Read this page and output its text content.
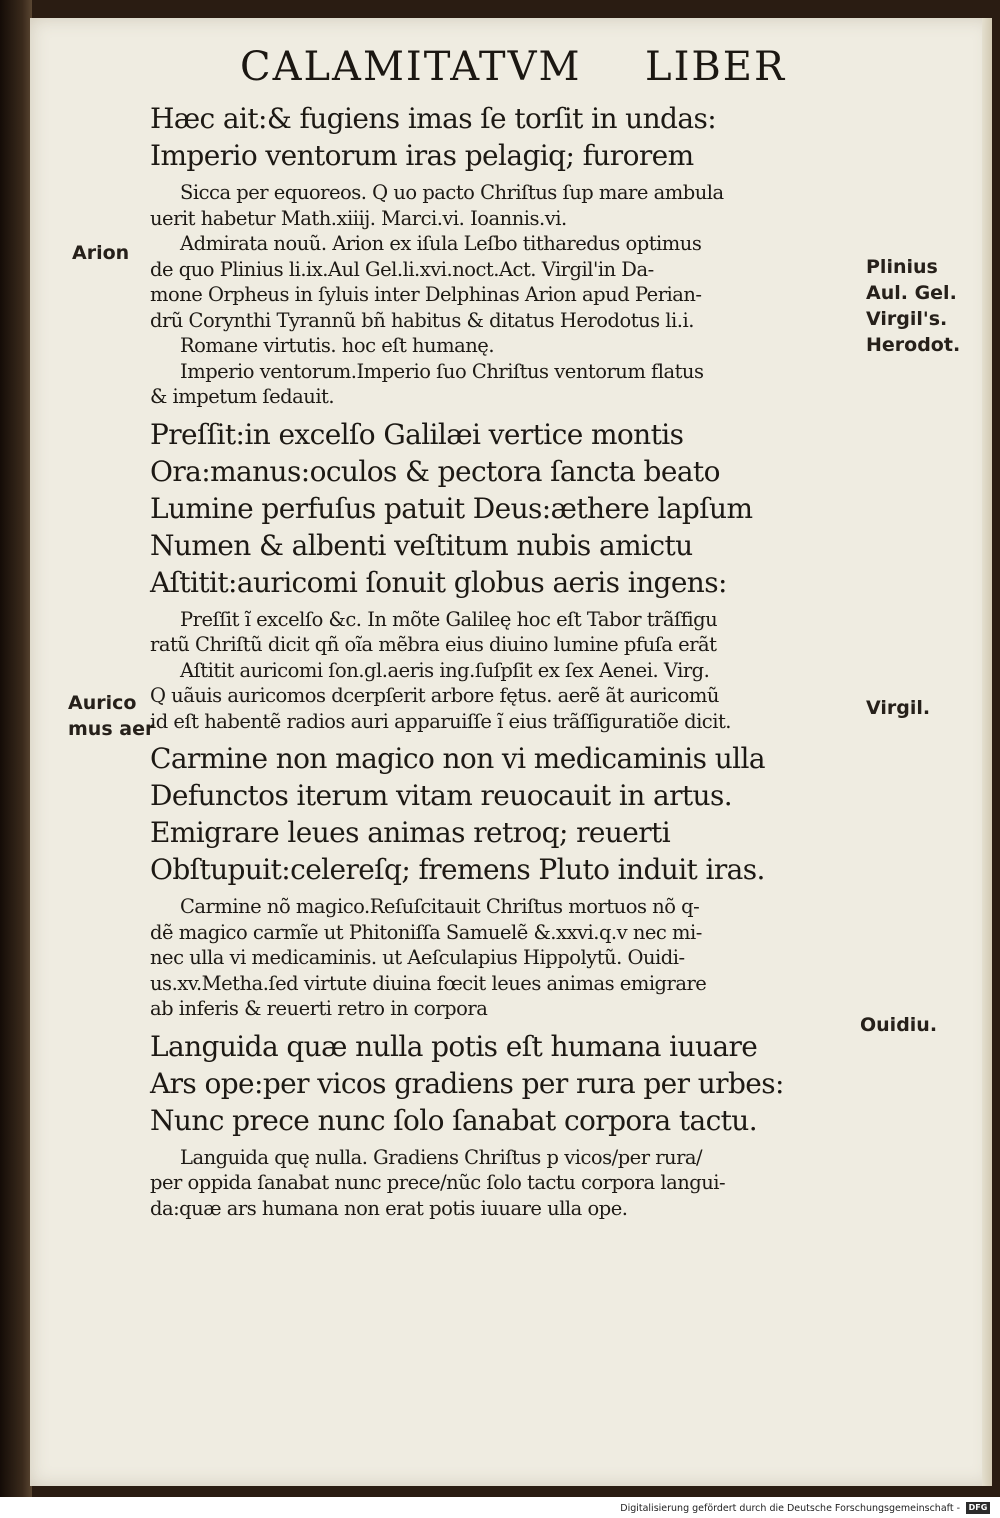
CALAMITATVM LIBER

Hæc ait:& fugiens imas ſe torſit in undas:

Imperio ventorum iras pelagiq; furorem

Sicca per equoreos. Q uo pacto Chriſtus ſup mare ambula

uerit habetur Math.xiiij. Marci.vi. Ioannis.vi.

Admirata nouũ. Arion ex iſula Leſbo titharedus optimus

de quo Plinius li.ix.Aul Gel.li.xvi.noct.Act. Virgil'in Da-

mone Orpheus in ſyluis inter Delphinas Arion apud Perian-

drũ Corynthi Tyrannũ bñ habitus & ditatus Herodotus li.i.

Romane virtutis. hoc eſt humanę.

Imperio ventorum.Imperio ſuo Chriſtus ventorum flatus

& impetum ſedauit.

Preſſit:in excelſo Galilæi vertice montis

Ora:manus:oculos & pectora ſancta beato

Lumine perfuſus patuit Deus:æthere lapſum

Numen & albenti veſtitum nubis amictu

Aſtitit:auricomi ſonuit globus aeris ingens:

Preſſit ĩ excelſo &c. In mõte Galileę hoc eſt Tabor trãſfigu

ratũ Chriſtũ dicit qñ oĩa mẽbra eius diuino lumine pfuſa erãt

Aſtitit auricomi ſon.gl.aeris ing.ſuſpſit ex ſex Aenei. Virg.

Q uãuis auricomos dcerpſerit arbore fętus. aerẽ ãt auricomũ

id eſt habentẽ radios auri apparuiſſe ĩ eius trãſſiguratiõe dicit.

Carmine non magico non vi medicaminis ulla

Defunctos iterum vitam reuocauit in artus.

Emigrare leues animas retroq; reuerti

Obſtupuit:celereſq; fremens Pluto induit iras.

Carmine nõ magico.Reſuſcitauit Chriſtus mortuos nõ q-

dẽ magico carmĩe ut Phitoniſſa Samuelẽ &.xxvi.q.v nec mi-

nec ulla vi medicaminis. ut Aeſculapius Hippolytũ. Ouidi-

us.xv.Metha.ſed virtute diuina fœcit leues animas emigrare

ab inferis & reuerti retro in corpora

Languida quæ nulla potis eſt humana iuuare

Ars ope:per vicos gradiens per rura per urbes:

Nunc prece nunc ſolo ſanabat corpora tactu.

Languida quę nulla. Gradiens Chriſtus p vicos/per rura/

per oppida ſanabat nunc prece/nũc ſolo tactu corpora langui-

da:quæ ars humana non erat potis iuuare ulla ope.

Arion
Aurico
mus aer
Plinius
Aul. Gel.
Virgil's.
Herodot.
Virgil.
Ouidiu.
Digitalisierung gefördert durch die Deutsche Forschungsgemeinschaft -	DFG
